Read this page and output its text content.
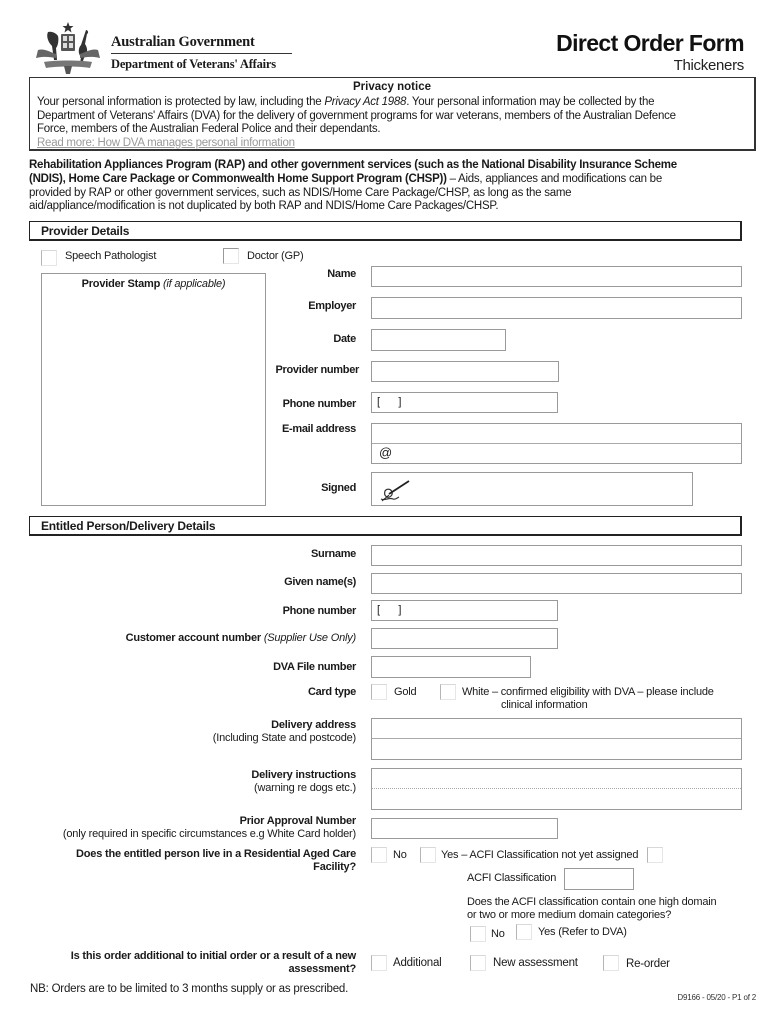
Australian Government
Department of Veterans' Affairs
Direct Order Form
Thickeners
Privacy notice
Your personal information is protected by law, including the Privacy Act 1988. Your personal information may be collected by the
Department of Veterans' Affairs (DVA) for the delivery of government programs for war veterans, members of the Australian Defence
Force, members of the Australian Federal Police and their dependants.
Read more: How DVA manages personal information
Rehabilitation Appliances Program (RAP) and other government services (such as the National Disability Insurance Scheme
(NDIS), Home Care Package or Commonwealth Home Support Program (CHSP)) – Aids, appliances and modifications can be
provided by RAP or other government services, such as NDIS/Home Care Package/CHSP, as long as the same
aid/appliance/modification is not duplicated by both RAP and NDIS/Home Care Packages/CHSP.
Provider Details
Speech Pathologist	Doctor (GP)
Provider Stamp (if applicable)
Name
Employer
Date
Provider number
Phone number [      ]
E-mail address
@
Signed
Entitled Person/Delivery Details
Surname
Given name(s)
Phone number [      ]
Customer account number (Supplier Use Only)
DVA File number
Card type	Gold	White – confirmed eligibility with DVA – please include
clinical information
Delivery address
(Including State and postcode)
Delivery instructions
(warning re dogs etc.)
Prior Approval Number
(only required in specific circumstances e.g White Card holder)
Does the entitled person live in a Residential Aged Care
Facility?
No	Yes – ACFI Classification not yet assigned
ACFI Classification
Does the ACFI classification contain one high domain
or two or more medium domain categories?
No	Yes (Refer to DVA)
Is this order additional to initial order or a result of a new
assessment?	Additional	New assessment	Re-order
NB: Orders are to be limited to 3 months supply or as prescribed.
D9166 - 05/20 - P1 of 2
